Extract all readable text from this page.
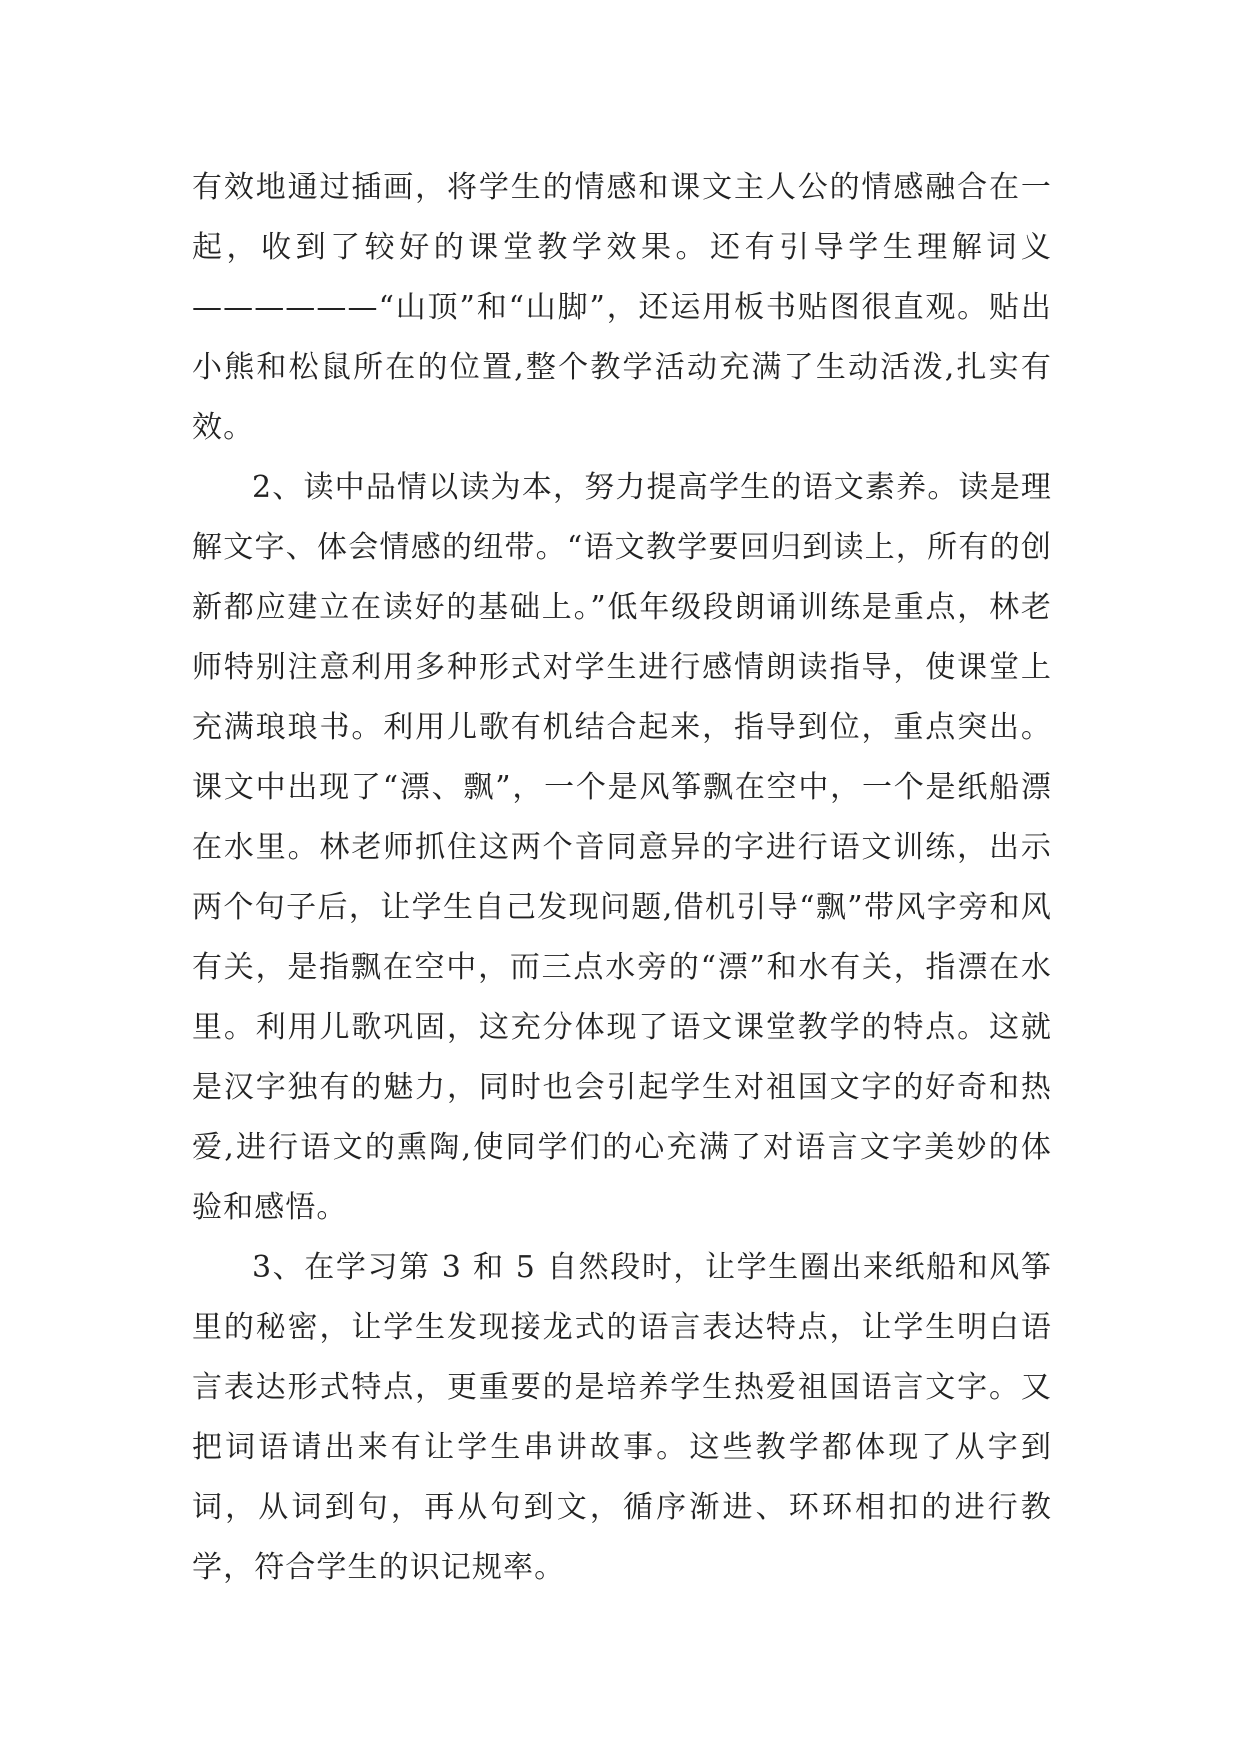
有效地通过插画，将学生的情感和课文主人公的情感融合在一起，收到了较好的课堂教学效果。还有引导学生理解词义——————“山顶”和“山脚”，还运用板书贴图很直观。贴出小熊和松鼠所在的位置,整个教学活动充满了生动活泼,扎实有效。

2、读中品情以读为本，努力提高学生的语文素养。读是理解文字、体会情感的纽带。“语文教学要回归到读上，所有的创新都应建立在读好的基础上。”低年级段朗诵训练是重点，林老师特别注意利用多种形式对学生进行感情朗读指导，使课堂上充满琅琅书。利用儿歌有机结合起来，指导到位，重点突出。课文中出现了“漂、飘”，一个是风筝飘在空中，一个是纸船漂在水里。林老师抓住这两个音同意异的字进行语文训练，出示两个句子后，让学生自己发现问题,借机引导“飘”带风字旁和风有关，是指飘在空中，而三点水旁的“漂”和水有关，指漂在水里。利用儿歌巩固，这充分体现了语文课堂教学的特点。这就是汉字独有的魅力，同时也会引起学生对祖国文字的好奇和热爱,进行语文的熏陶,使同学们的心充满了对语言文字美妙的体验和感悟。

3、在学习第 3 和 5 自然段时，让学生圈出来纸船和风筝里的秘密，让学生发现接龙式的语言表达特点，让学生明白语言表达形式特点，更重要的是培养学生热爱祖国语言文字。又把词语请出来有让学生串讲故事。这些教学都体现了从字到词，从词到句，再从句到文，循序渐进、环环相扣的进行教学，符合学生的识记规率。
